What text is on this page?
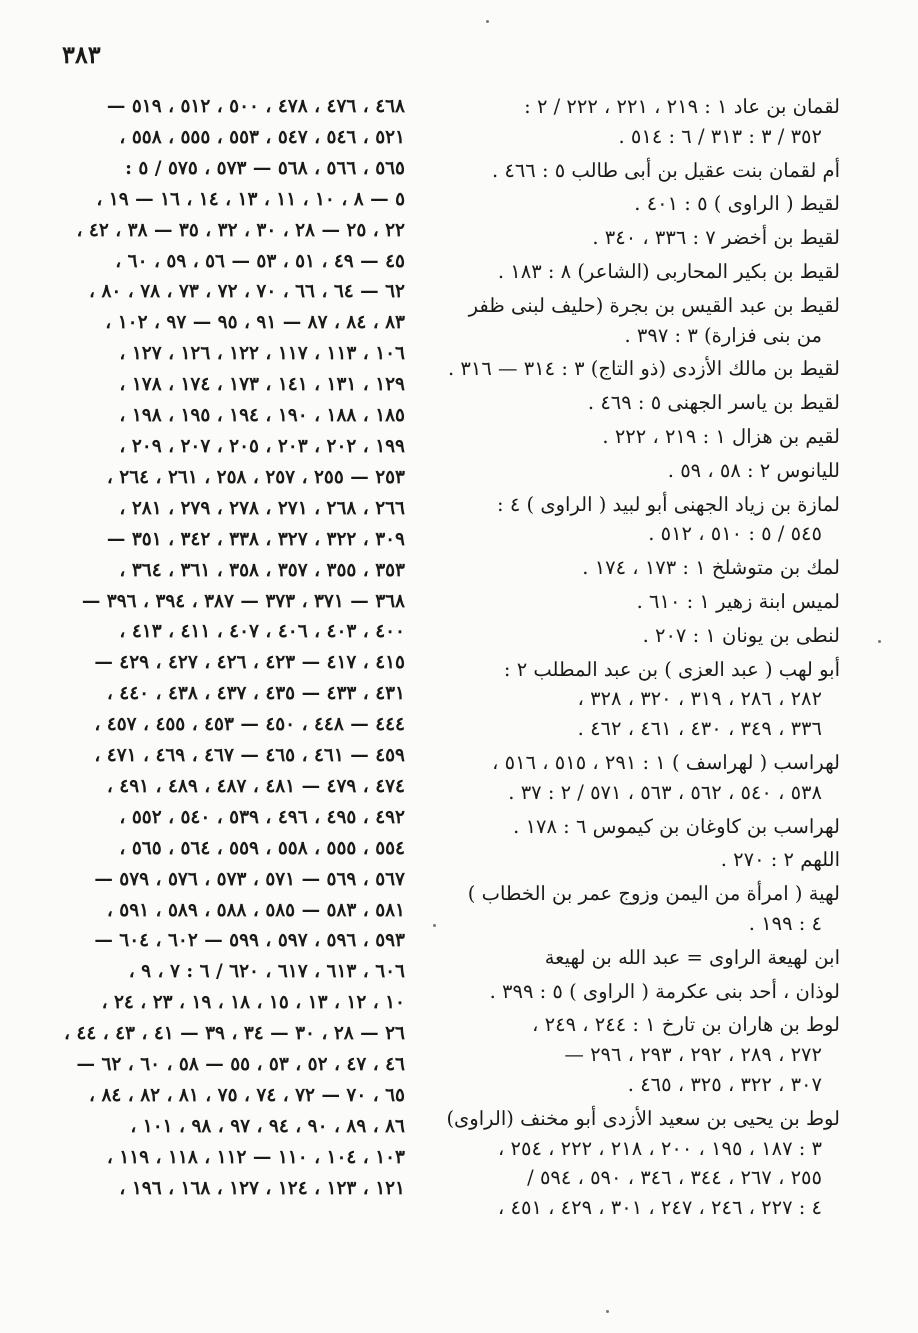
٣٨٣
٤٦٨ ، ٤٧٦ ، ٤٧٨ ، ٥٠٠ ، ٥١٢ ، ٥١٩ —
٥٢١ ، ٥٤٦ ، ٥٤٧ ، ٥٥٣ ، ٥٥٥ ، ٥٥٨ ،
٥٦٥ ، ٥٦٦ ، ٥٦٨ — ٥٧٣ ، ٥٧٥ / ٥ :
٥ — ٨ ، ١٠ ، ١١ ، ١٣ ، ١٤ ، ١٦ — ١٩ ،
٢٢ ، ٢٥ — ٢٨ ، ٣٠ ، ٣٢ ، ٣٥ — ٣٨ ، ٤٢ ،
٤٥ — ٤٩ ، ٥١ ، ٥٣ — ٥٦ ، ٥٩ ، ٦٠ ،
٦٢ — ٦٤ ، ٦٦ ، ٧٠ ، ٧٢ ، ٧٣ ، ٧٨ ، ٨٠ ،
٨٣ ، ٨٤ ، ٨٧ — ٩١ ، ٩٥ — ٩٧ ، ١٠٢ ،
١٠٦ ، ١١٣ ، ١١٧ ، ١٢٢ ، ١٢٦ ، ١٢٧ ،
١٢٩ ، ١٣١ ، ١٤١ ، ١٧٣ ، ١٧٤ ، ١٧٨ ،
١٨٥ ، ١٨٨ ، ١٩٠ ، ١٩٤ ، ١٩٥ ، ١٩٨ ،
١٩٩ ، ٢٠٢ ، ٢٠٣ ، ٢٠٥ ، ٢٠٧ ، ٢٠٩ ،
٢٥٣ — ٢٥٥ ، ٢٥٧ ، ٢٥٨ ، ٢٦١ ، ٢٦٤ ،
٢٦٦ ، ٢٦٨ ، ٢٧١ ، ٢٧٨ ، ٢٧٩ ، ٢٨١ ،
٣٠٩ ، ٣٢٢ ، ٣٢٧ ، ٣٣٨ ، ٣٤٢ ، ٣٥١ —
٣٥٣ ، ٣٥٥ ، ٣٥٧ ، ٣٥٨ ، ٣٦١ ، ٣٦٤ ،
٣٦٨ — ٣٧١ ، ٣٧٣ — ٣٨٧ ، ٣٩٤ ، ٣٩٦ —
٤٠٠ ، ٤٠٣ ، ٤٠٦ ، ٤٠٧ ، ٤١١ ، ٤١٣ ،
٤١٥ ، ٤١٧ — ٤٢٣ ، ٤٢٦ ، ٤٢٧ ، ٤٢٩ —
٤٣١ ، ٤٣٣ — ٤٣٥ ، ٤٣٧ ، ٤٣٨ ، ٤٤٠ ،
٤٤٤ — ٤٤٨ ، ٤٥٠ — ٤٥٣ ، ٤٥٥ ، ٤٥٧ ،
٤٥٩ — ٤٦١ ، ٤٦٥ — ٤٦٧ ، ٤٦٩ ، ٤٧١ ،
٤٧٤ ، ٤٧٩ — ٤٨١ ، ٤٨٧ ، ٤٨٩ ، ٤٩١ ،
٤٩٢ ، ٤٩٥ ، ٤٩٦ ، ٥٣٩ ، ٥٤٠ ، ٥٥٢ ،
٥٥٤ ، ٥٥٥ ، ٥٥٨ ، ٥٥٩ ، ٥٦٤ ، ٥٦٥ ،
٥٦٧ ، ٥٦٩ — ٥٧١ ، ٥٧٣ ، ٥٧٦ ، ٥٧٩ —
٥٨١ ، ٥٨٣ — ٥٨٥ ، ٥٨٨ ، ٥٨٩ ، ٥٩١ ،
٥٩٣ ، ٥٩٦ ، ٥٩٧ ، ٥٩٩ — ٦٠٢ ، ٦٠٤ —
٦٠٦ ، ٦١٣ ، ٦١٧ ، ٦٢٠ / ٦ : ٧ ، ٩ ،
١٠ ، ١٢ ، ١٣ ، ١٥ ، ١٨ ، ١٩ ، ٢٣ ، ٢٤ ،
٢٦ — ٢٨ ، ٣٠ — ٣٤ ، ٣٩ — ٤١ ، ٤٣ ، ٤٤ ،
٤٦ ، ٤٧ ، ٥٢ ، ٥٣ ، ٥٥ — ٥٨ ، ٦٠ ، ٦٢ —
٦٥ ، ٧٠ — ٧٢ ، ٧٤ ، ٧٥ ، ٨١ ، ٨٢ ، ٨٤ ،
٨٦ ، ٨٩ ، ٩٠ ، ٩٤ ، ٩٧ ، ٩٨ ، ١٠١ ،
١٠٣ ، ١٠٤ ، ١١٠ — ١١٢ ، ١١٨ ، ١١٩ ،
١٢١ ، ١٢٣ ، ١٢٤ ، ١٢٧ ، ١٦٨ ، ١٩٦ ،
لقمان بن عاد ١ : ٢١٩ ، ٢٢١ ، ٢٢٢ / ٢ :
٣٥٢ / ٣ : ٣١٣ / ٦ : ٥١٤ .
أم لقمان بنت عقيل بن أبى طالب ٥ : ٤٦٦ .
لقيط ( الراوى ) ٥ : ٤٠١ .
لقيط بن أخضر ٧ : ٣٣٦ ، ٣٤٠ .
لقيط بن بكير المحاربى (الشاعر) ٨ : ١٨٣ .
لقيط بن عبد القيس بن بجرة (حليف لبنى ظفر
من بنى فزارة) ٣ : ٣٩٧ .
لقيط بن مالك الأزدى (ذو التاج) ٣ : ٣١٤ — ٣١٦ .
لقيط بن ياسر الجهنى ٥ : ٤٦٩ .
لقيم بن هزال ١ : ٢١٩ ، ٢٢٢ .
لليانوس ٢ : ٥٨ ، ٥٩ .
لمازة بن زياد الجهنى أبو لبيد ( الراوى ) ٤ :
٥٤٥ / ٥ : ٥١٠ ، ٥١٢ .
لمك بن متوشلخ ١ : ١٧٣ ، ١٧٤ .
لميس ابنة زهير ١ : ٦١٠ .
لنطى بن يونان ١ : ٢٠٧ .
أبو لهب ( عبد العزى ) بن عبد المطلب ٢ :
٢٨٢ ، ٢٨٦ ، ٣١٩ ، ٣٢٠ ، ٣٢٨ ،
٣٣٦ ، ٣٤٩ ، ٤٣٠ ، ٤٦١ ، ٤٦٢ .
لهراسب ( لهراسف ) ١ : ٢٩١ ، ٥١٥ ، ٥١٦ ،
٥٣٨ ، ٥٤٠ ، ٥٦٢ ، ٥٦٣ ، ٥٧١ / ٢ : ٣٧ .
لهراسب بن كاوغان بن كيموس ٦ : ١٧٨ .
اللهم ٢ : ٢٧٠ .
لهية ( امرأة من اليمن وزوج عمر بن الخطاب )
٤ : ١٩٩ .
ابن لهيعة الراوى = عبد الله بن لهيعة
لوذان ، أحد بنى عكرمة ( الراوى ) ٥ : ٣٩٩ .
لوط بن هاران بن تارخ ١ : ٢٤٤ ، ٢٤٩ ،
٢٧٢ ، ٢٨٩ ، ٢٩٢ ، ٢٩٣ ، ٢٩٦ —
٣٠٧ ، ٣٢٢ ، ٣٢٥ ، ٤٦٥ .
لوط بن يحيى بن سعيد الأزدى أبو مخنف (الراوى)
٣ : ١٨٧ ، ١٩٥ ، ٢٠٠ ، ٢١٨ ، ٢٢٢ ، ٢٥٤ ،
٢٥٥ ، ٢٦٧ ، ٣٤٤ ، ٣٤٦ ، ٥٩٠ ، ٥٩٤ /
٤ : ٢٢٧ ، ٢٤٦ ، ٢٤٧ ، ٣٠١ ، ٤٢٩ ، ٤٥١ ،
